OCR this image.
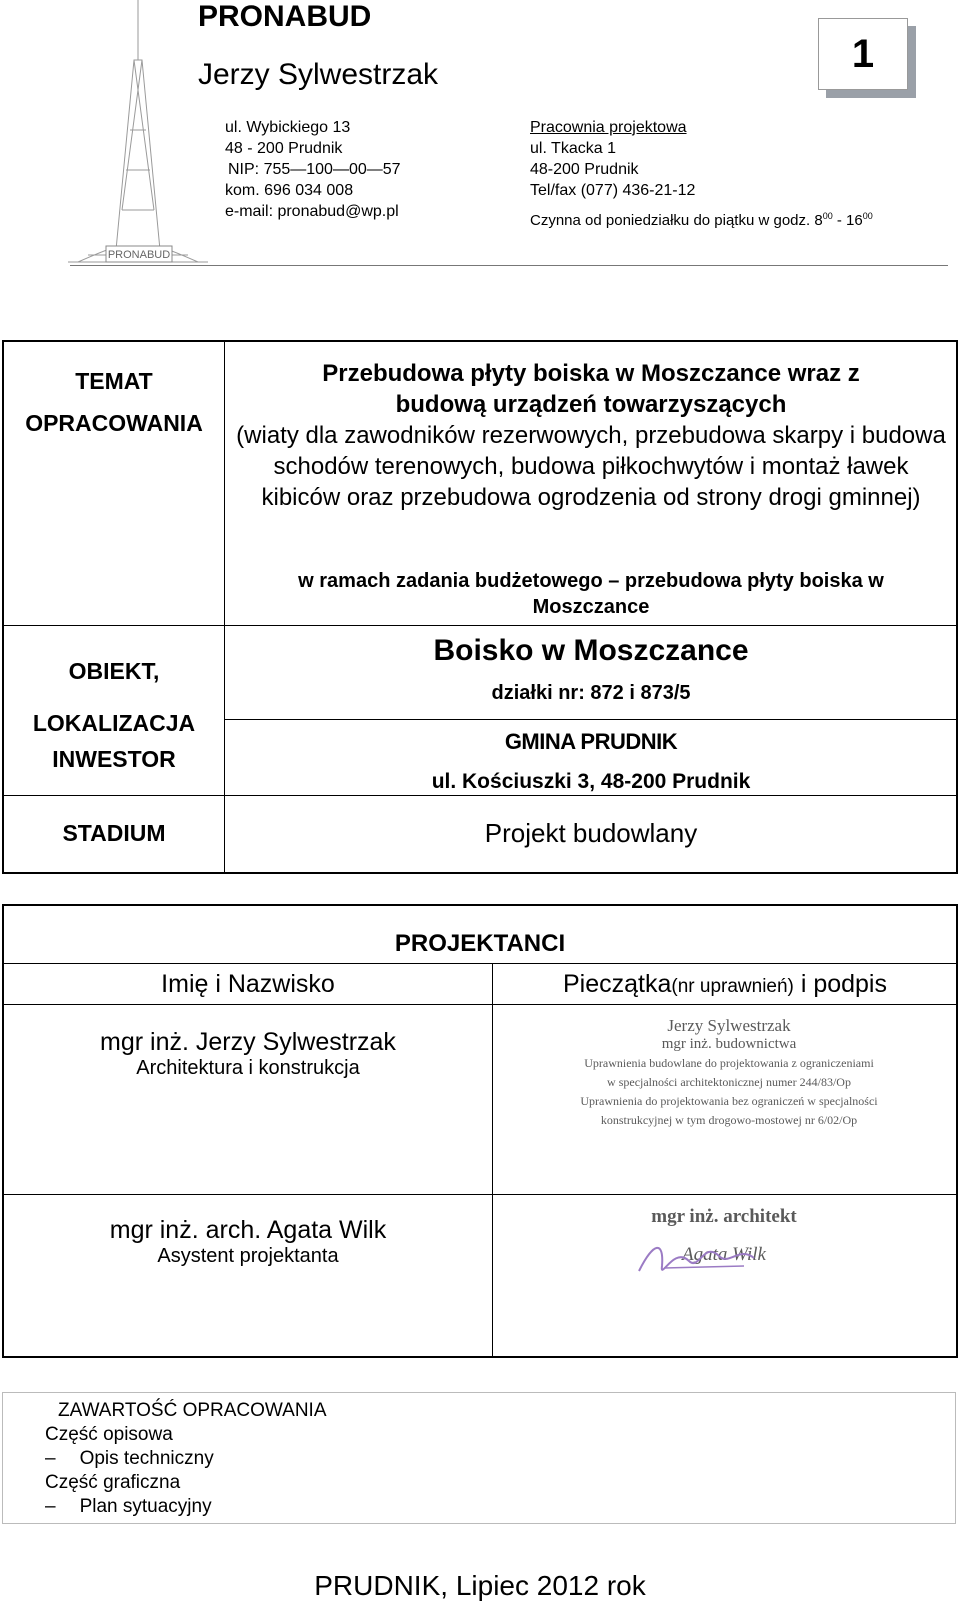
PRONABUD
PRONABUD
Jerzy Sylwestrzak
ul. Wybickiego 13
48 - 200 Prudnik
NIP: 755—100—00—57
kom. 696 034 008
e-mail: pronabud@wp.pl
Pracownia projektowa
ul. Tkacka 1
48-200 Prudnik
Tel/fax (077) 436-21-12
Czynna od poniedziałku do piątku w godz. $8^{00} - 16^{00}$
1
TEMAT
OPRACOWANIA
Przebudowa płyty boiska w Moszczance wraz z budową urządzeń towarzyszących
(wiaty dla zawodników rezerwowych, przebudowa skarpy i budowa schodów terenowych, budowa piłkochwytów i montaż ławek kibiców oraz przebudowa ogrodzenia od strony drogi gminnej)
w ramach zadania budżetowego – przebudowa płyty boiska w Moszczance
OBIEKT,
LOKALIZACJA
Boisko w Moszczance
działki nr: 872 i 873/5
INWESTOR
GMINA PRUDNIK
ul. Kościuszki 3, 48-200 Prudnik
STADIUM	Projekt budowlany
PROJEKTANCI
Imię i Nazwisko	Pieczątka(nr uprawnień) i podpis
mgr inż. Jerzy Sylwestrzak
Architektura i konstrukcja
Jerzy Sylwestrzak
mgr inż. budownictwa
Uprawnienia budowlane do projektowania z ograniczeniami
w specjalności architektonicznej numer 244/83/Op
Uprawnienia do projektowania bez ograniczeń w specjalności
konstrukcyjnej w tym drogowo-mostowej nr 6/02/Op
mgr inż. arch. Agata Wilk
Asystent projektanta
mgr inż. architekt
Agata Wilk
ZAWARTOŚĆ OPRACOWANIA
Część opisowa
– Opis techniczny
Część graficzna
– Plan sytuacyjny
PRUDNIK, Lipiec 2012 rok
